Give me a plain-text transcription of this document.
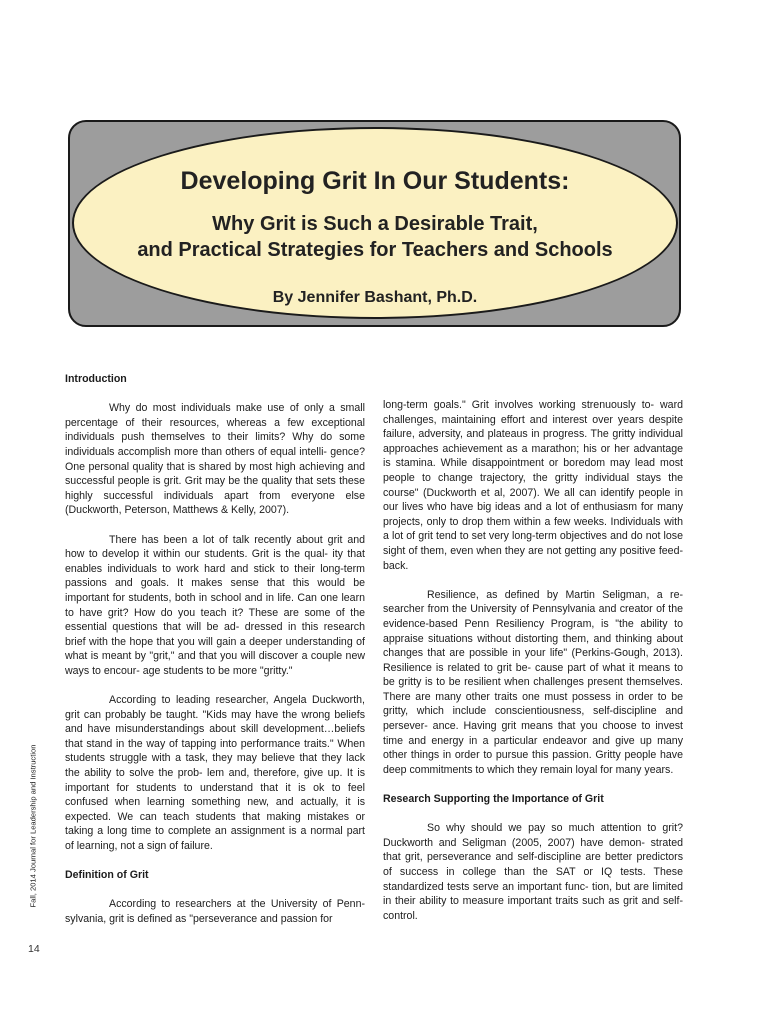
Developing Grit In Our Students:
Why Grit is Such a Desirable Trait,
and Practical Strategies for Teachers and Schools
By Jennifer Bashant, Ph.D.
Introduction

Why do most individuals make use of only a small percentage of their resources, whereas a few exceptional individuals push themselves to their limits? Why do some individuals accomplish more than others of equal intelli- gence? One personal quality that is shared by most high achieving and successful people is grit. Grit may be the quality that sets these highly successful individuals apart from everyone else (Duckworth, Peterson, Matthews & Kelly, 2007).

There has been a lot of talk recently about grit and how to develop it within our students. Grit is the qual- ity that enables individuals to work hard and stick to their long-term passions and goals. It makes sense that this would be important for students, both in school and in life. Can one learn to have grit? How do you teach it? These are some of the essential questions that will be ad- dressed in this research brief with the hope that you will gain a deeper understanding of what is meant by "grit," and that you will discover a couple new ways to encour- age students to be more "gritty."

According to leading researcher, Angela Duckworth, grit can probably be taught. "Kids may have the wrong beliefs and have misunderstandings about skill development…beliefs that stand in the way of tapping into performance traits." When students struggle with a task, they may believe that they lack the ability to solve the prob- lem and, therefore, give up. It is important for students to understand that it is ok to feel confused when learning something new, and actually, it is expected. We can teach students that making mistakes or taking a long time to complete an assignment is a normal part of learning, not a sign of failure.

Definition of Grit

According to researchers at the University of Penn- sylvania, grit is defined as "perseverance and passion for

long-term goals." Grit involves working strenuously to- ward challenges, maintaining effort and interest over years despite failure, adversity, and plateaus in progress. The gritty individual approaches achievement as a marathon; his or her advantage is stamina. While disappointment or boredom may lead most people to change trajectory, the gritty individual stays the course" (Duckworth et al, 2007). We all can identify people in our lives who have big ideas and a lot of enthusiasm for many projects, only to drop them within a few weeks. Individuals with a lot of grit tend to set very long-term objectives and do not lose sight of them, even when they are not getting any positive feed- back.

Resilience, as defined by Martin Seligman, a re- searcher from the University of Pennsylvania and creator of the evidence-based Penn Resiliency Program, is "the ability to appraise situations without distorting them, and thinking about changes that are possible in your life" (Perkins-Gough, 2013). Resilience is related to grit be- cause part of what it means to be gritty is to be resilient when challenges present themselves. There are many other traits one must possess in order to be gritty, which include conscientiousness, self-discipline and persever- ance. Having grit means that you choose to invest time and energy in a particular endeavor and give up many other things in order to pursue this passion. Gritty people have deep commitments to which they remain loyal for many years.

Research Supporting the Importance of Grit

So why should we pay so much attention to grit? Duckworth and Seligman (2005, 2007) have demon- strated that grit, perseverance and self-discipline are better predictors of success in college than the SAT or IQ tests. These standardized tests serve an important func- tion, but are limited in their ability to measure important traits such as grit and self-control.

Fall, 2014 Journal for Leadership and Instruction
14
